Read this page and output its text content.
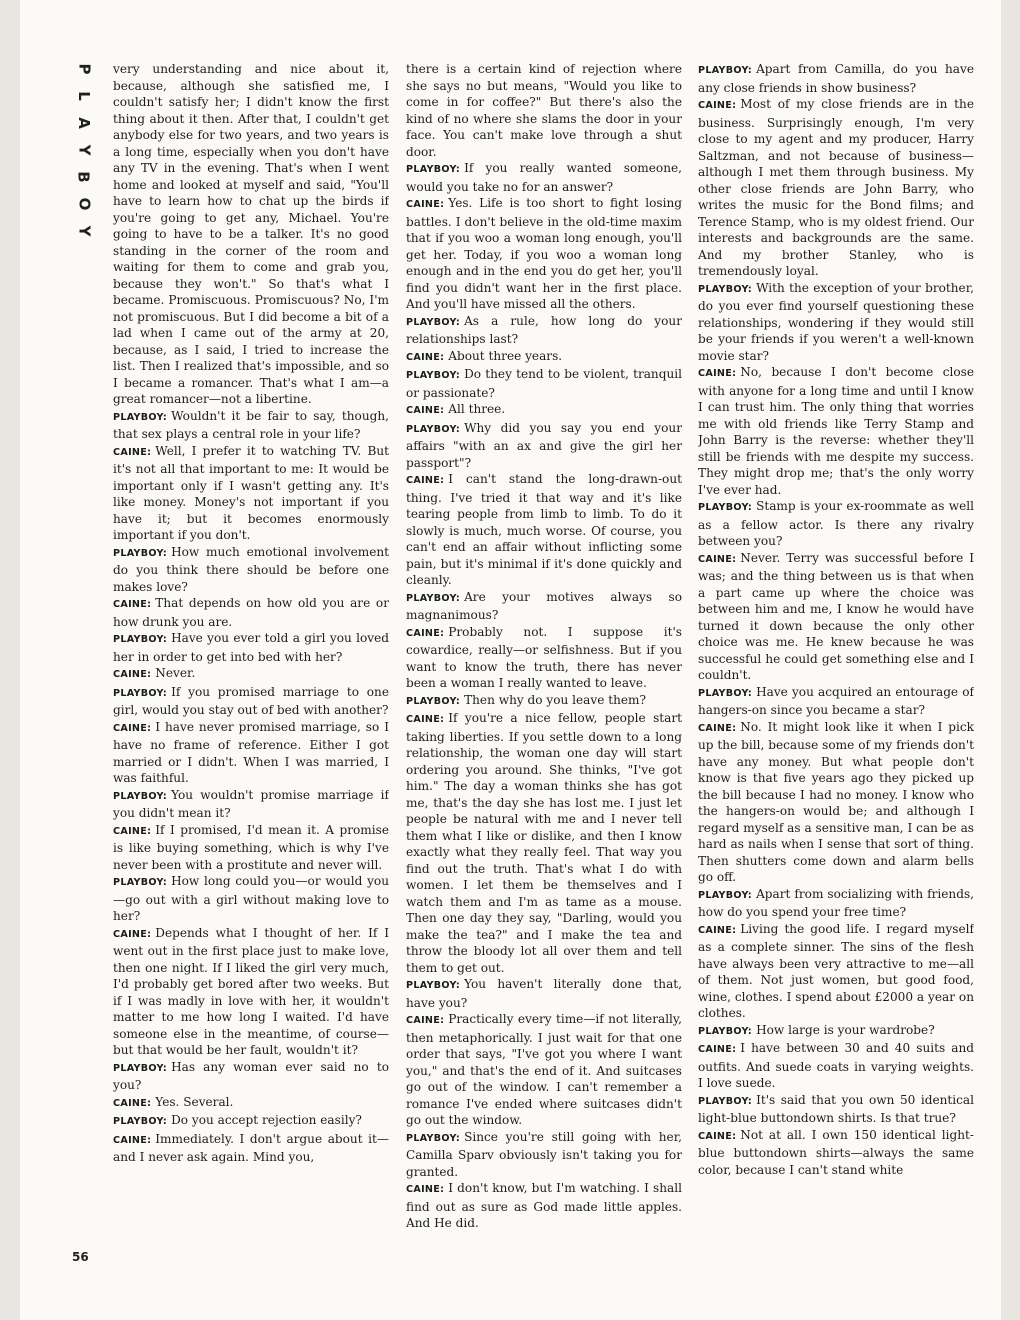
P
L
A
Y
B
O
Y
56

very understanding and nice about it, because, although she satisfied me, I couldn't satisfy her; I didn't know the first thing about it then. After that, I couldn't get anybody else for two years, and two years is a long time, especially when you don't have any TV in the evening. That's when I went home and looked at myself and said, "You'll have to learn how to chat up the birds if you're going to get any, Michael. You're going to have to be a talker. It's no good standing in the corner of the room and waiting for them to come and grab you, because they won't." So that's what I became. Promiscuous. Promiscuous? No, I'm not promiscuous. But I did become a bit of a lad when I came out of the army at 20, because, as I said, I tried to increase the list. Then I realized that's impossible, and so I became a romancer. That's what I am—a great romancer—not a libertine.

PLAYBOY: Wouldn't it be fair to say, though, that sex plays a central role in your life?

CAINE: Well, I prefer it to watching TV. But it's not all that important to me: It would be important only if I wasn't getting any. It's like money. Money's not important if you have it; but it becomes enormously important if you don't.

PLAYBOY: How much emotional involvement do you think there should be before one makes love?

CAINE: That depends on how old you are or how drunk you are.

PLAYBOY: Have you ever told a girl you loved her in order to get into bed with her?

CAINE: Never.

PLAYBOY: If you promised marriage to one girl, would you stay out of bed with another?

CAINE: I have never promised marriage, so I have no frame of reference. Either I got married or I didn't. When I was married, I was faithful.

PLAYBOY: You wouldn't promise marriage if you didn't mean it?

CAINE: If I promised, I'd mean it. A promise is like buying something, which is why I've never been with a prostitute and never will.

PLAYBOY: How long could you—or would you—go out with a girl without making love to her?

CAINE: Depends what I thought of her. If I went out in the first place just to make love, then one night. If I liked the girl very much, I'd probably get bored after two weeks. But if I was madly in love with her, it wouldn't matter to me how long I waited. I'd have someone else in the meantime, of course—but that would be her fault, wouldn't it?

PLAYBOY: Has any woman ever said no to you?

CAINE: Yes. Several.

PLAYBOY: Do you accept rejection easily?

CAINE: Immediately. I don't argue about it—and I never ask again. Mind you,

there is a certain kind of rejection where she says no but means, "Would you like to come in for coffee?" But there's also the kind of no where she slams the door in your face. You can't make love through a shut door.

PLAYBOY: If you really wanted someone, would you take no for an answer?

CAINE: Yes. Life is too short to fight losing battles. I don't believe in the old-time maxim that if you woo a woman long enough, you'll get her. Today, if you woo a woman long enough and in the end you do get her, you'll find you didn't want her in the first place. And you'll have missed all the others.

PLAYBOY: As a rule, how long do your relationships last?

CAINE: About three years.

PLAYBOY: Do they tend to be violent, tranquil or passionate?

CAINE: All three.

PLAYBOY: Why did you say you end your affairs "with an ax and give the girl her passport"?

CAINE: I can't stand the long-drawn-out thing. I've tried it that way and it's like tearing people from limb to limb. To do it slowly is much, much worse. Of course, you can't end an affair without inflicting some pain, but it's minimal if it's done quickly and cleanly.

PLAYBOY: Are your motives always so magnanimous?

CAINE: Probably not. I suppose it's cowardice, really—or selfishness. But if you want to know the truth, there has never been a woman I really wanted to leave.

PLAYBOY: Then why do you leave them?

CAINE: If you're a nice fellow, people start taking liberties. If you settle down to a long relationship, the woman one day will start ordering you around. She thinks, "I've got him." The day a woman thinks she has got me, that's the day she has lost me. I just let people be natural with me and I never tell them what I like or dislike, and then I know exactly what they really feel. That way you find out the truth. That's what I do with women. I let them be themselves and I watch them and I'm as tame as a mouse. Then one day they say, "Darling, would you make the tea?" and I make the tea and throw the bloody lot all over them and tell them to get out.

PLAYBOY: You haven't literally done that, have you?

CAINE: Practically every time—if not literally, then metaphorically. I just wait for that one order that says, "I've got you where I want you," and that's the end of it. And suitcases go out of the window. I can't remember a romance I've ended where suitcases didn't go out the window.

PLAYBOY: Since you're still going with her, Camilla Sparv obviously isn't taking you for granted.

CAINE: I don't know, but I'm watching. I shall find out as sure as God made little apples. And He did.

PLAYBOY: Apart from Camilla, do you have any close friends in show business?

CAINE: Most of my close friends are in the business. Surprisingly enough, I'm very close to my agent and my producer, Harry Saltzman, and not because of business—although I met them through business. My other close friends are John Barry, who writes the music for the Bond films; and Terence Stamp, who is my oldest friend. Our interests and backgrounds are the same. And my brother Stanley, who is tremendously loyal.

PLAYBOY: With the exception of your brother, do you ever find yourself questioning these relationships, wondering if they would still be your friends if you weren't a well-known movie star?

CAINE: No, because I don't become close with anyone for a long time and until I know I can trust him. The only thing that worries me with old friends like Terry Stamp and John Barry is the reverse: whether they'll still be friends with me despite my success. They might drop me; that's the only worry I've ever had.

PLAYBOY: Stamp is your ex-roommate as well as a fellow actor. Is there any rivalry between you?

CAINE: Never. Terry was successful before I was; and the thing between us is that when a part came up where the choice was between him and me, I know he would have turned it down because the only other choice was me. He knew because he was successful he could get something else and I couldn't.

PLAYBOY: Have you acquired an entourage of hangers-on since you became a star?

CAINE: No. It might look like it when I pick up the bill, because some of my friends don't have any money. But what people don't know is that five years ago they picked up the bill because I had no money. I know who the hangers-on would be; and although I regard myself as a sensitive man, I can be as hard as nails when I sense that sort of thing. Then shutters come down and alarm bells go off.

PLAYBOY: Apart from socializing with friends, how do you spend your free time?

CAINE: Living the good life. I regard myself as a complete sinner. The sins of the flesh have always been very attractive to me—all of them. Not just women, but good food, wine, clothes. I spend about £2000 a year on clothes.

PLAYBOY: How large is your wardrobe?

CAINE: I have between 30 and 40 suits and outfits. And suede coats in varying weights. I love suede.

PLAYBOY: It's said that you own 50 identical light-blue buttondown shirts. Is that true?

CAINE: Not at all. I own 150 identical light-blue buttondown shirts—always the same color, because I can't stand white
